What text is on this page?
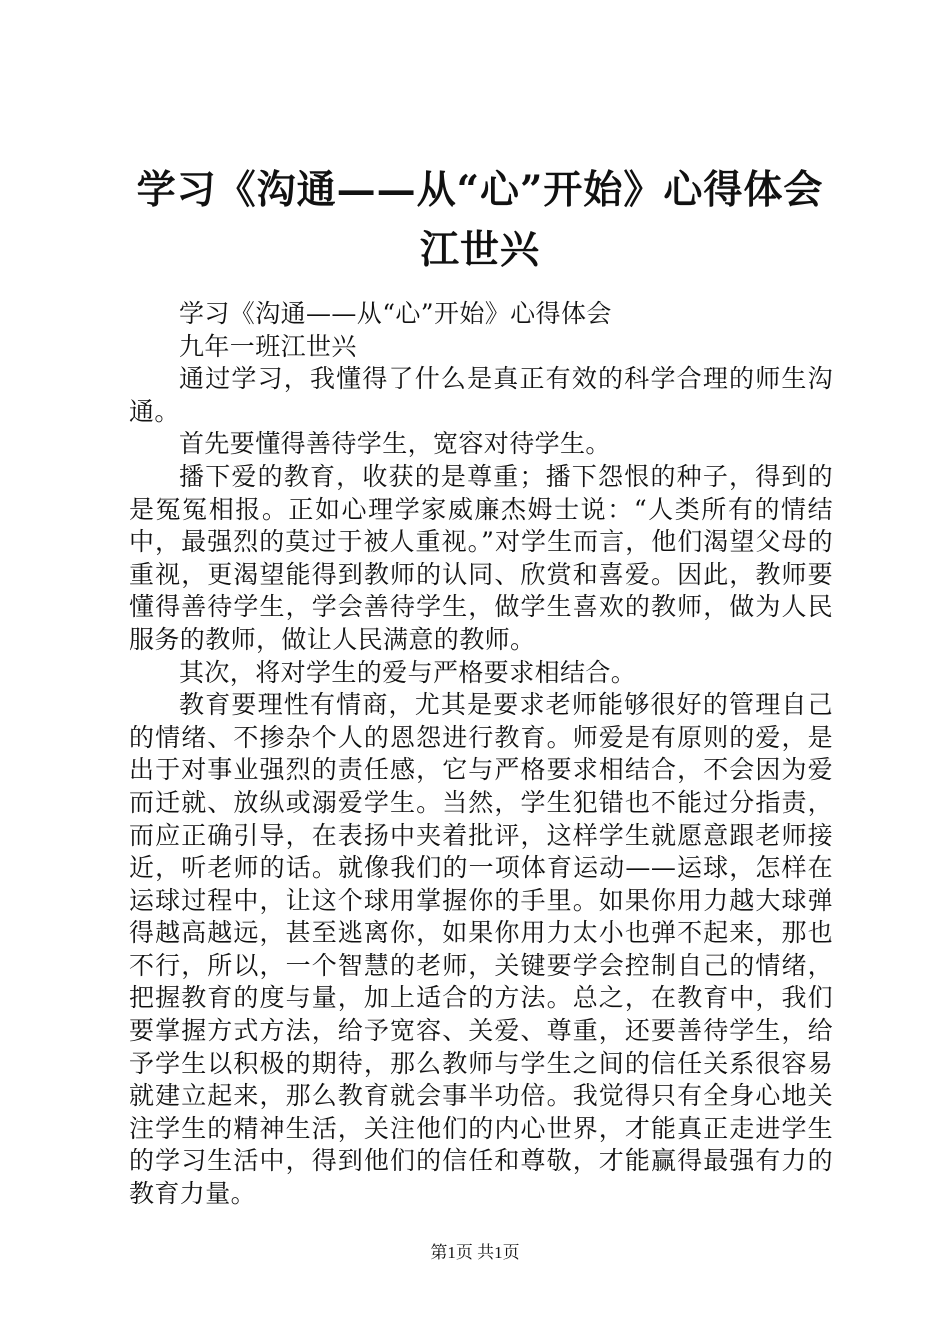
学习《沟通——从“心”开始》心得体会江世兴

学习《沟通——从“心”开始》心得体会

九年一班江世兴

通过学习，我懂得了什么是真正有效的科学合理的师生沟通。

首先要懂得善待学生，宽容对待学生。

播下爱的教育，收获的是尊重；播下怨恨的种子，得到的是冤冤相报。正如心理学家威廉杰姆士说：“人类所有的情结中，最强烈的莫过于被人重视。”对学生而言，他们渴望父母的重视，更渴望能得到教师的认同、欣赏和喜爱。因此，教师要懂得善待学生，学会善待学生，做学生喜欢的教师，做为人民服务的教师，做让人民满意的教师。

其次，将对学生的爱与严格要求相结合。

教育要理性有情商，尤其是要求老师能够很好的管理自己的情绪、不掺杂个人的恩怨进行教育。师爱是有原则的爱，是出于对事业强烈的责任感，它与严格要求相结合，不会因为爱而迁就、放纵或溺爱学生。当然，学生犯错也不能过分指责，而应正确引导，在表扬中夹着批评，这样学生就愿意跟老师接近，听老师的话。就像我们的一项体育运动——运球，怎样在运球过程中，让这个球用掌握你的手里。如果你用力越大球弹得越高越远，甚至逃离你，如果你用力太小也弹不起来，那也不行，所以，一个智慧的老师，关键要学会控制自己的情绪，把握教育的度与量，加上适合的方法。总之，在教育中，我们要掌握方式方法，给予宽容、关爱、尊重，还要善待学生，给予学生以积极的期待，那么教师与学生之间的信任关系很容易就建立起来，那么教育就会事半功倍。我觉得只有全身心地关注学生的精神生活，关注他们的内心世界，才能真正走进学生的学习生活中，得到他们的信任和尊敬，才能赢得最强有力的教育力量。

第1页 共1页
